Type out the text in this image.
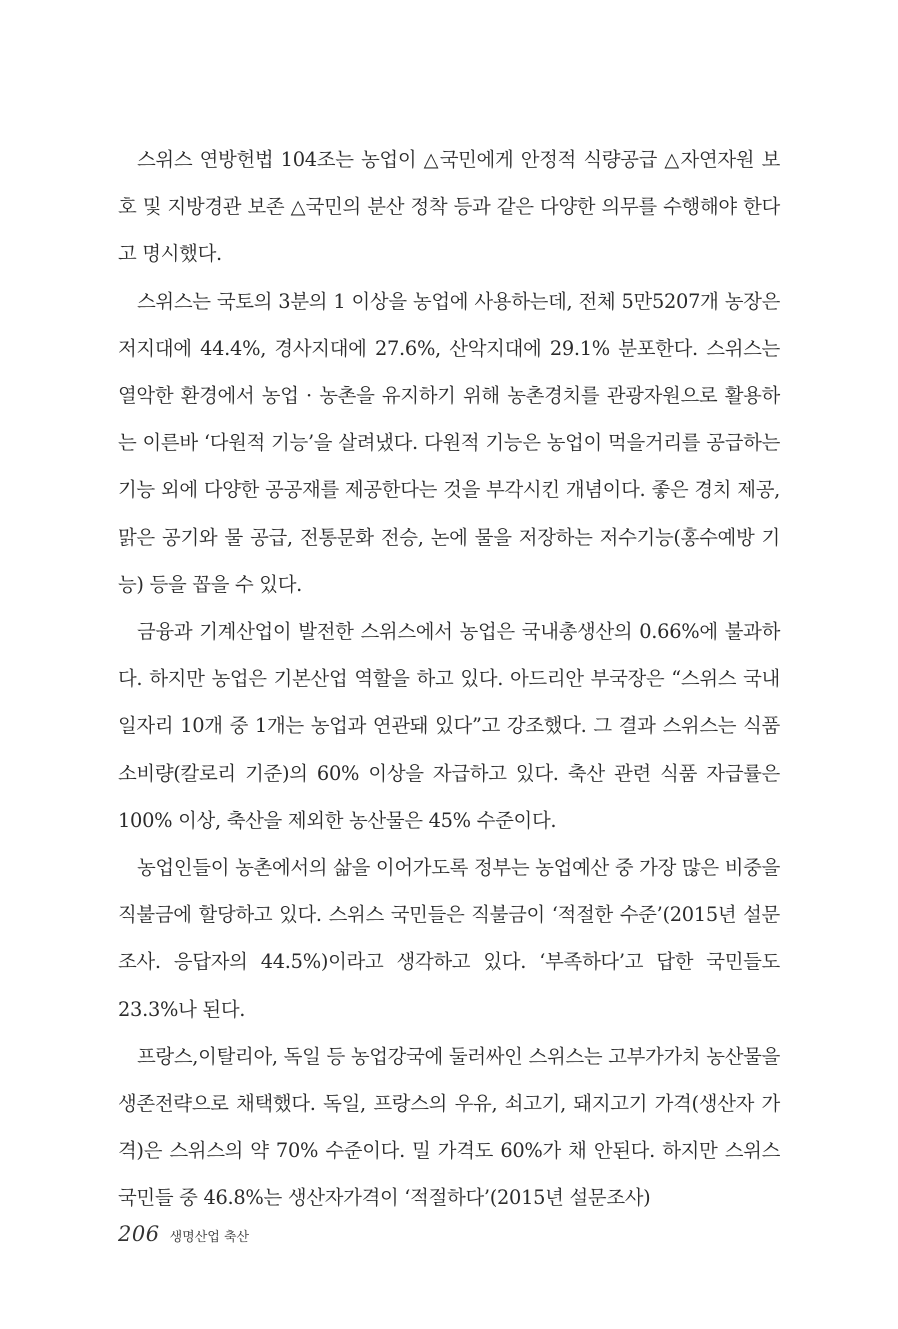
스위스 연방헌법 104조는 농업이 △국민에게 안정적 식량공급 △자연자원 보호 및 지방경관 보존 △국민의 분산 정착 등과 같은 다양한 의무를 수행해야 한다고 명시했다.

스위스는 국토의 3분의 1 이상을 농업에 사용하는데, 전체 5만5207개 농장은 저지대에 44.4%, 경사지대에 27.6%, 산악지대에 29.1% 분포한다. 스위스는 열악한 환경에서 농업 · 농촌을 유지하기 위해 농촌경치를 관광자원으로 활용하는 이른바 ‘다원적 기능’을 살려냈다. 다원적 기능은 농업이 먹을거리를 공급하는 기능 외에 다양한 공공재를 제공한다는 것을 부각시킨 개념이다. 좋은 경치 제공, 맑은 공기와 물 공급, 전통문화 전승, 논에 물을 저장하는 저수기능(홍수예방 기능) 등을 꼽을 수 있다.

금융과 기계산업이 발전한 스위스에서 농업은 국내총생산의 0.66%에 불과하다. 하지만 농업은 기본산업 역할을 하고 있다. 아드리안 부국장은 “스위스 국내 일자리 10개 중 1개는 농업과 연관돼 있다”고 강조했다. 그 결과 스위스는 식품소비량(칼로리 기준)의 60% 이상을 자급하고 있다. 축산 관련 식품 자급률은 100% 이상, 축산을 제외한 농산물은 45% 수준이다.

농업인들이 농촌에서의 삶을 이어가도록 정부는 농업예산 중 가장 많은 비중을 직불금에 할당하고 있다. 스위스 국민들은 직불금이 ‘적절한 수준’(2015년 설문조사. 응답자의 44.5%)이라고 생각하고 있다. ‘부족하다’고 답한 국민들도 23.3%나 된다.

프랑스,이탈리아, 독일 등 농업강국에 둘러싸인 스위스는 고부가가치 농산물을 생존전략으로 채택했다. 독일, 프랑스의 우유, 쇠고기, 돼지고기 가격(생산자 가격)은 스위스의 약 70% 수준이다. 밀 가격도 60%가 채 안된다. 하지만 스위스 국민들 중 46.8%는 생산자가격이 ‘적절하다’(2015년 설문조사)

206 생명산업 축산
